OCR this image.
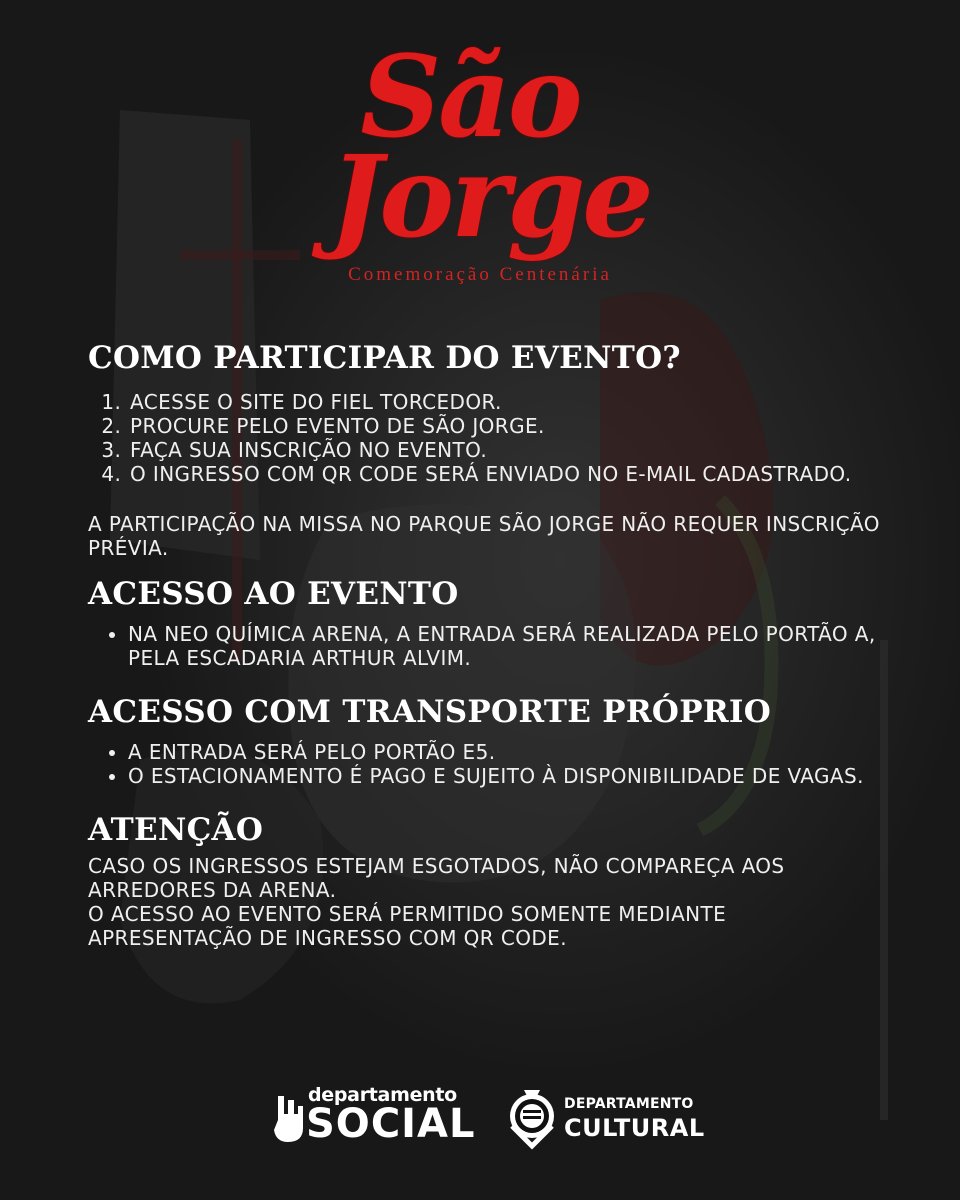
São
Jorge
Comemoração Centenária
COMO PARTICIPAR DO EVENTO?
1. ACESSE O SITE DO FIEL TORCEDOR.
2. PROCURE PELO EVENTO DE SÃO JORGE.
3. FAÇA SUA INSCRIÇÃO NO EVENTO.
4. O INGRESSO COM QR CODE SERÁ ENVIADO NO E-MAIL CADASTRADO.

A PARTICIPAÇÃO NA MISSA NO PARQUE SÃO JORGE NÃO REQUER INSCRIÇÃO PRÉVIA.

ACESSO AO EVENTO
• NA NEO QUÍMICA ARENA, A ENTRADA SERÁ REALIZADA PELO PORTÃO A, PELA ESCADARIA ARTHUR ALVIM.
ACESSO COM TRANSPORTE PRÓPRIO
• A ENTRADA SERÁ PELO PORTÃO E5.
• O ESTACIONAMENTO É PAGO E SUJEITO À DISPONIBILIDADE DE VAGAS.
ATENÇÃO
CASO OS INGRESSOS ESTEJAM ESGOTADOS, NÃO COMPAREÇA AOS ARREDORES DA ARENA.
O ACESSO AO EVENTO SERÁ PERMITIDO SOMENTE MEDIANTE APRESENTAÇÃO DE INGRESSO COM QR CODE.
departamento
SOCIAL	DEPARTAMENTO
CULTURAL
